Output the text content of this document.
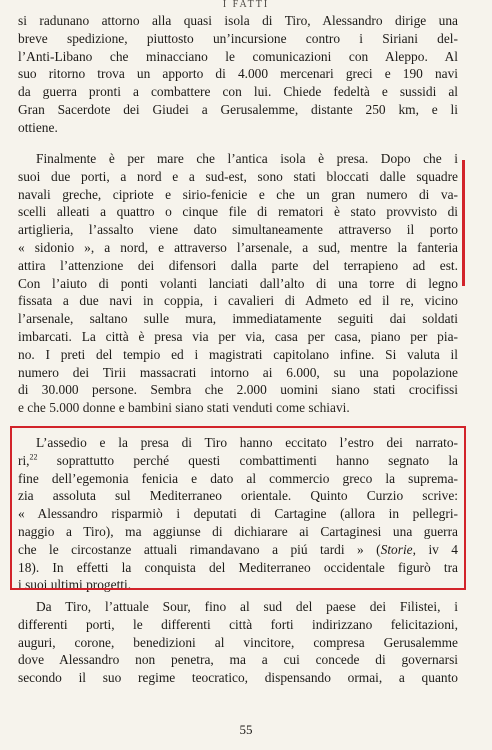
I FATTI
si radunano attorno alla quasi isola di Tiro, Alessandro dirige una
breve spedizione, piuttosto un’incursione contro i Siriani del-
l’Anti-Libano che minacciano le comunicazioni con Aleppo. Al
suo ritorno trova un apporto di 4.000 mercenari greci e 190 navi
da guerra pronti a combattere con lui. Chiede fedeltà e sussidi al
Gran Sacerdote dei Giudei a Gerusalemme, distante 250 km, e li
ottiene.
Finalmente è per mare che l’antica isola è presa. Dopo che i
suoi due porti, a nord e a sud-est, sono stati bloccati dalle squadre
navali greche, cipriote e sirio-fenicie e che un gran numero di va-
scelli alleati a quattro o cinque file di rematori è stato provvisto di
artiglieria, l’assalto viene dato simultaneamente attraverso il porto
« sidonio », a nord, e attraverso l’arsenale, a sud, mentre la fanteria
attira l’attenzione dei difensori dalla parte del terrapieno ad est.
Con l’aiuto di ponti volanti lanciati dall’alto di una torre di legno
fissata a due navi in coppia, i cavalieri di Admeto ed il re, vicino
l’arsenale, saltano sulle mura, immediatamente seguiti dai soldati
imbarcati. La città è presa via per via, casa per casa, piano per pia-
no. I preti del tempio ed i magistrati capitolano infine. Si valuta il
numero dei Tirii massacrati intorno ai 6.000, su una popolazione
di 30.000 persone. Sembra che 2.000 uomini siano stati crocifissi
e che 5.000 donne e bambini siano stati venduti come schiavi.
L’assedio e la presa di Tiro hanno eccitato l’estro dei narrato-
ri,$^{22}$ soprattutto perché questi combattimenti hanno segnato la
fine dell’egemonia fenicia e dato al commercio greco la suprema-
zia assoluta sul Mediterraneo orientale. Quinto Curzio scrive:
« Alessandro risparmiò i deputati di Cartagine (allora in pellegri-
naggio a Tiro), ma aggiunse di dichiarare ai Cartaginesi una guerra
che le circostanze attuali rimandavano a piú tardi » (Storie, iv 4
18). In effetti la conquista del Mediterraneo occidentale figurò tra
i suoi ultimi progetti.
Da Tiro, l’attuale Sour, fino al sud del paese dei Filistei, i
differenti porti, le differenti città forti indirizzano felicitazioni,
auguri, corone, benedizioni al vincitore, compresa Gerusalemme
dove Alessandro non penetra, ma a cui concede di governarsi
secondo il suo regime teocratico, dispensando ormai, a quanto
55
